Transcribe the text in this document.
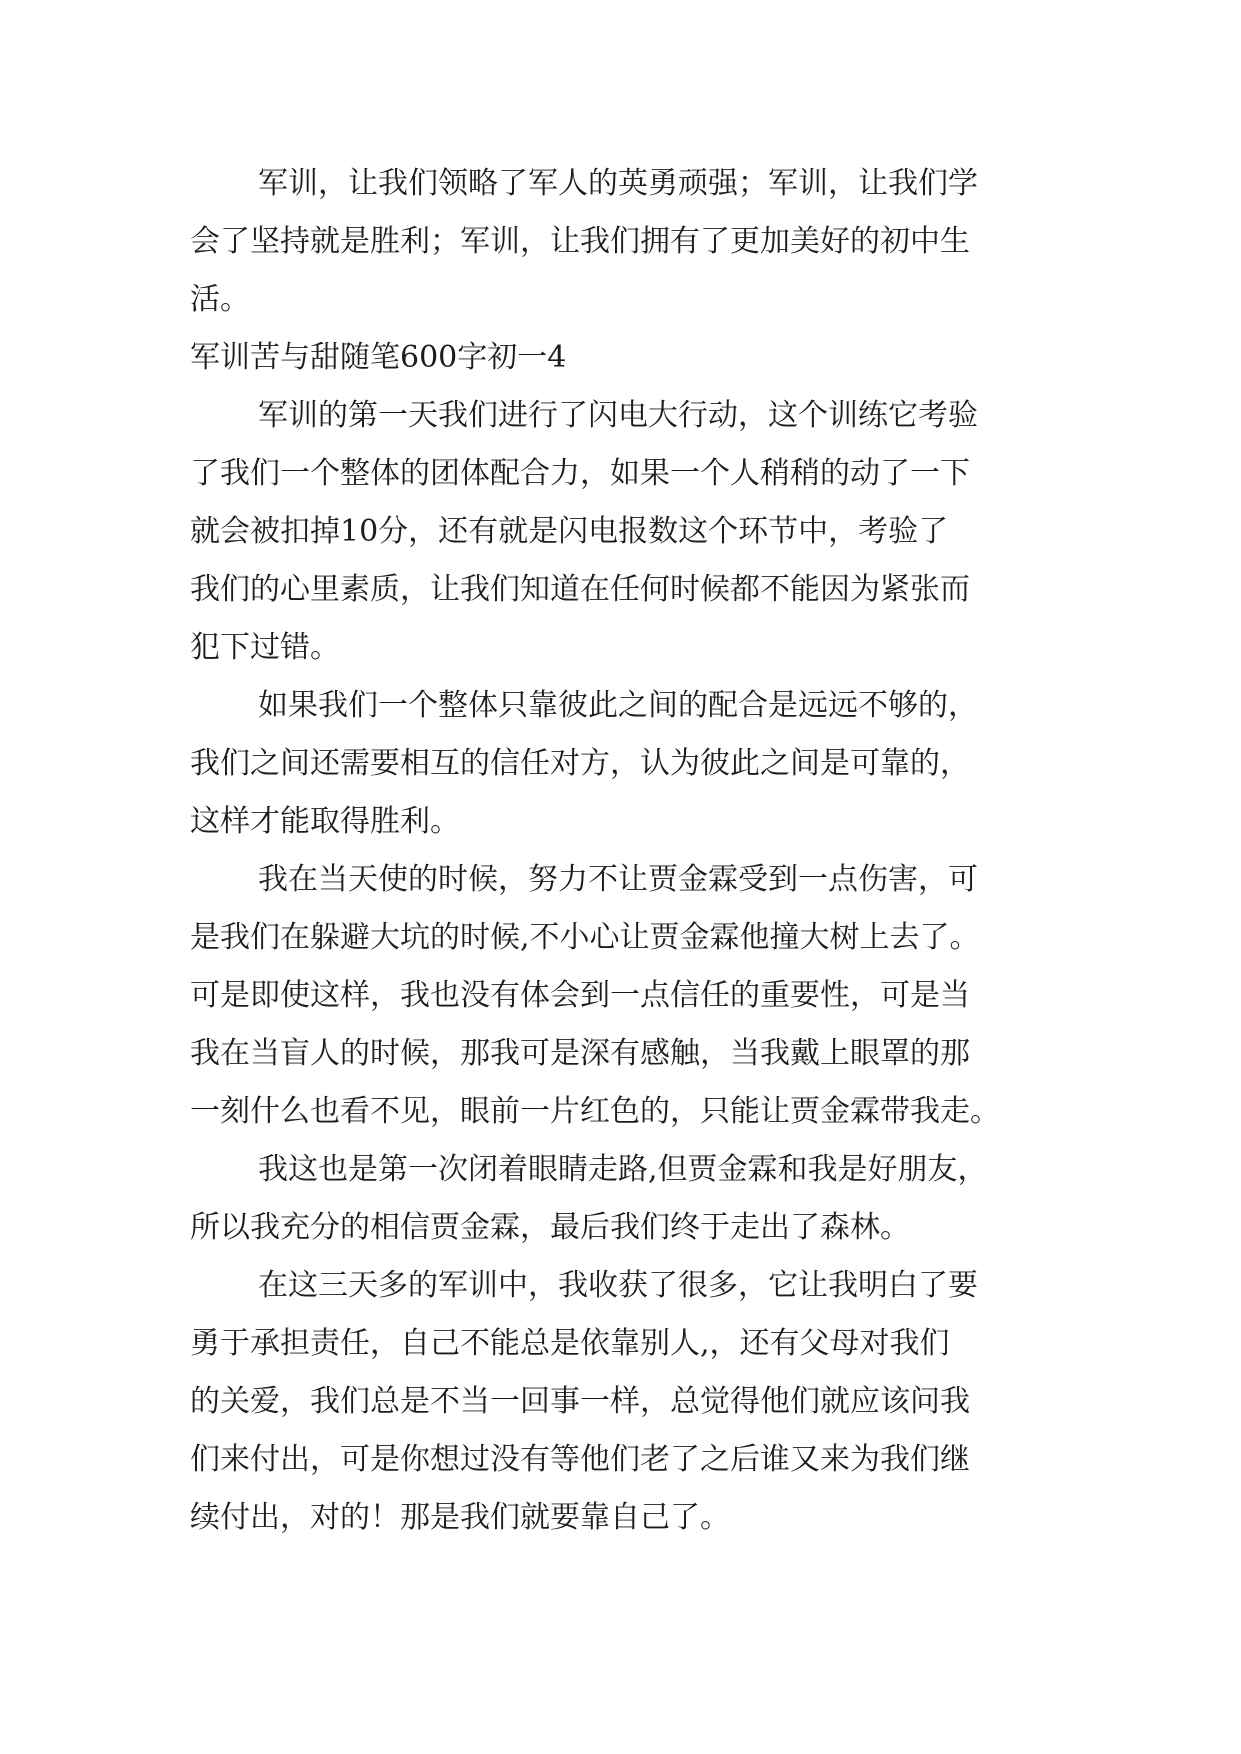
军训，让我们领略了军人的英勇顽强；军训，让我们学
会了坚持就是胜利；军训，让我们拥有了更加美好的初中生
活。
军训苦与甜随笔600字初一4
军训的第一天我们进行了闪电大行动，这个训练它考验
了我们一个整体的团体配合力，如果一个人稍稍的动了一下
就会被扣掉10分，还有就是闪电报数这个环节中，考验了
我们的心里素质，让我们知道在任何时候都不能因为紧张而
犯下过错。
如果我们一个整体只靠彼此之间的配合是远远不够的，
我们之间还需要相互的信任对方，认为彼此之间是可靠的，
这样才能取得胜利。
我在当天使的时候，努力不让贾金霖受到一点伤害，可
是我们在躲避大坑的时候,不小心让贾金霖他撞大树上去了。
可是即使这样，我也没有体会到一点信任的重要性，可是当
我在当盲人的时候，那我可是深有感触，当我戴上眼罩的那
一刻什么也看不见，眼前一片红色的，只能让贾金霖带我走。
我这也是第一次闭着眼睛走路,但贾金霖和我是好朋友，
所以我充分的相信贾金霖，最后我们终于走出了森林。
在这三天多的军训中，我收获了很多，它让我明白了要
勇于承担责任，自己不能总是依靠别人,，还有父母对我们
的关爱，我们总是不当一回事一样，总觉得他们就应该问我
们来付出，可是你想过没有等他们老了之后谁又来为我们继
续付出，对的！那是我们就要靠自己了。
